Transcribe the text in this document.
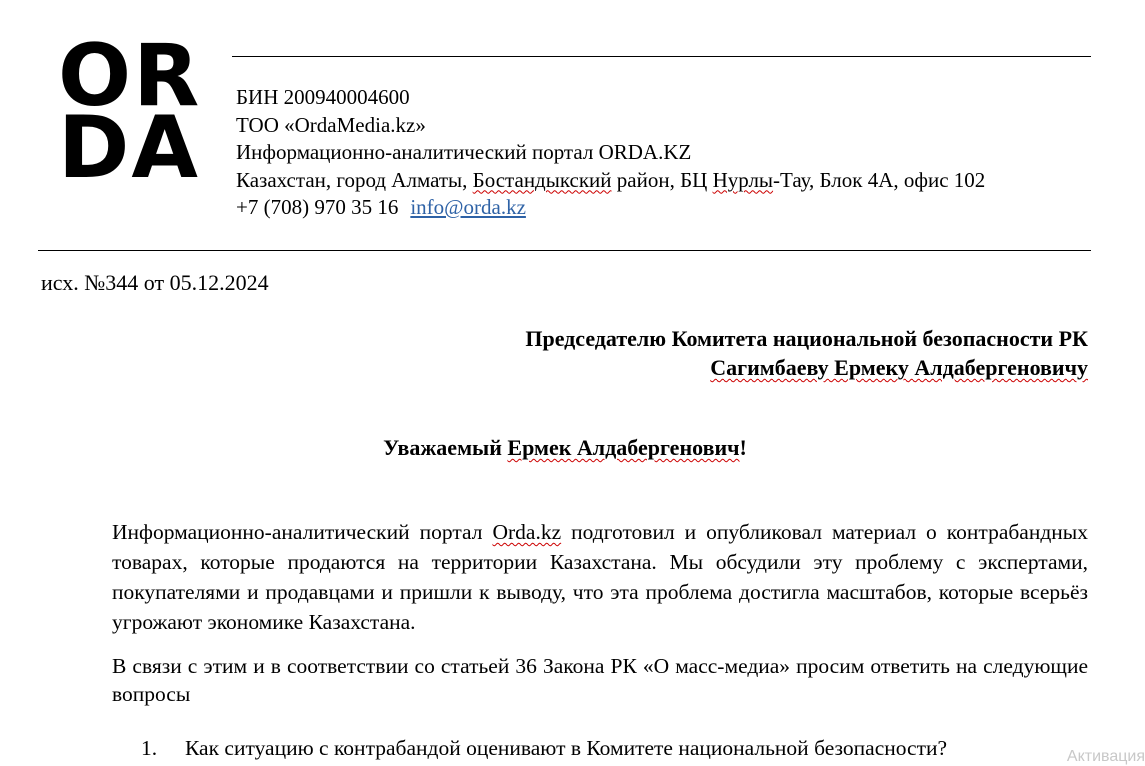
OR
DA
БИН 200940004600
ТОО «OrdaMedia.kz»
Информационно-аналитический портал ORDA.KZ
Казахстан, город Алматы, Бостандыкский район, БЦ Нурлы-Тау, Блок 4А, офис 102
+7 (708) 970 35 16 info@orda.kz
исх. №344 от 05.12.2024
Председателю Комитета национальной безопасности РК
Сагимбаеву Ермеку Алдабергеновичу
Уважаемый Ермек Алдабергенович!
Информационно-аналитический портал Orda.kz подготовил и опубликовал материал о контрабандных товарах, которые продаются на территории Казахстана. Мы обсудили эту проблему с экспертами, покупателями и продавцами и пришли к выводу, что эта проблема достигла масштабов, которые всерьёз угрожают экономике Казахстана.
В связи с этим и в соответствии со статьей 36 Закона РК «О масс-медиа» просим ответить на следующие вопросы
1. Как ситуацию с контрабандой оценивают в Комитете национальной безопасности?	Активация
